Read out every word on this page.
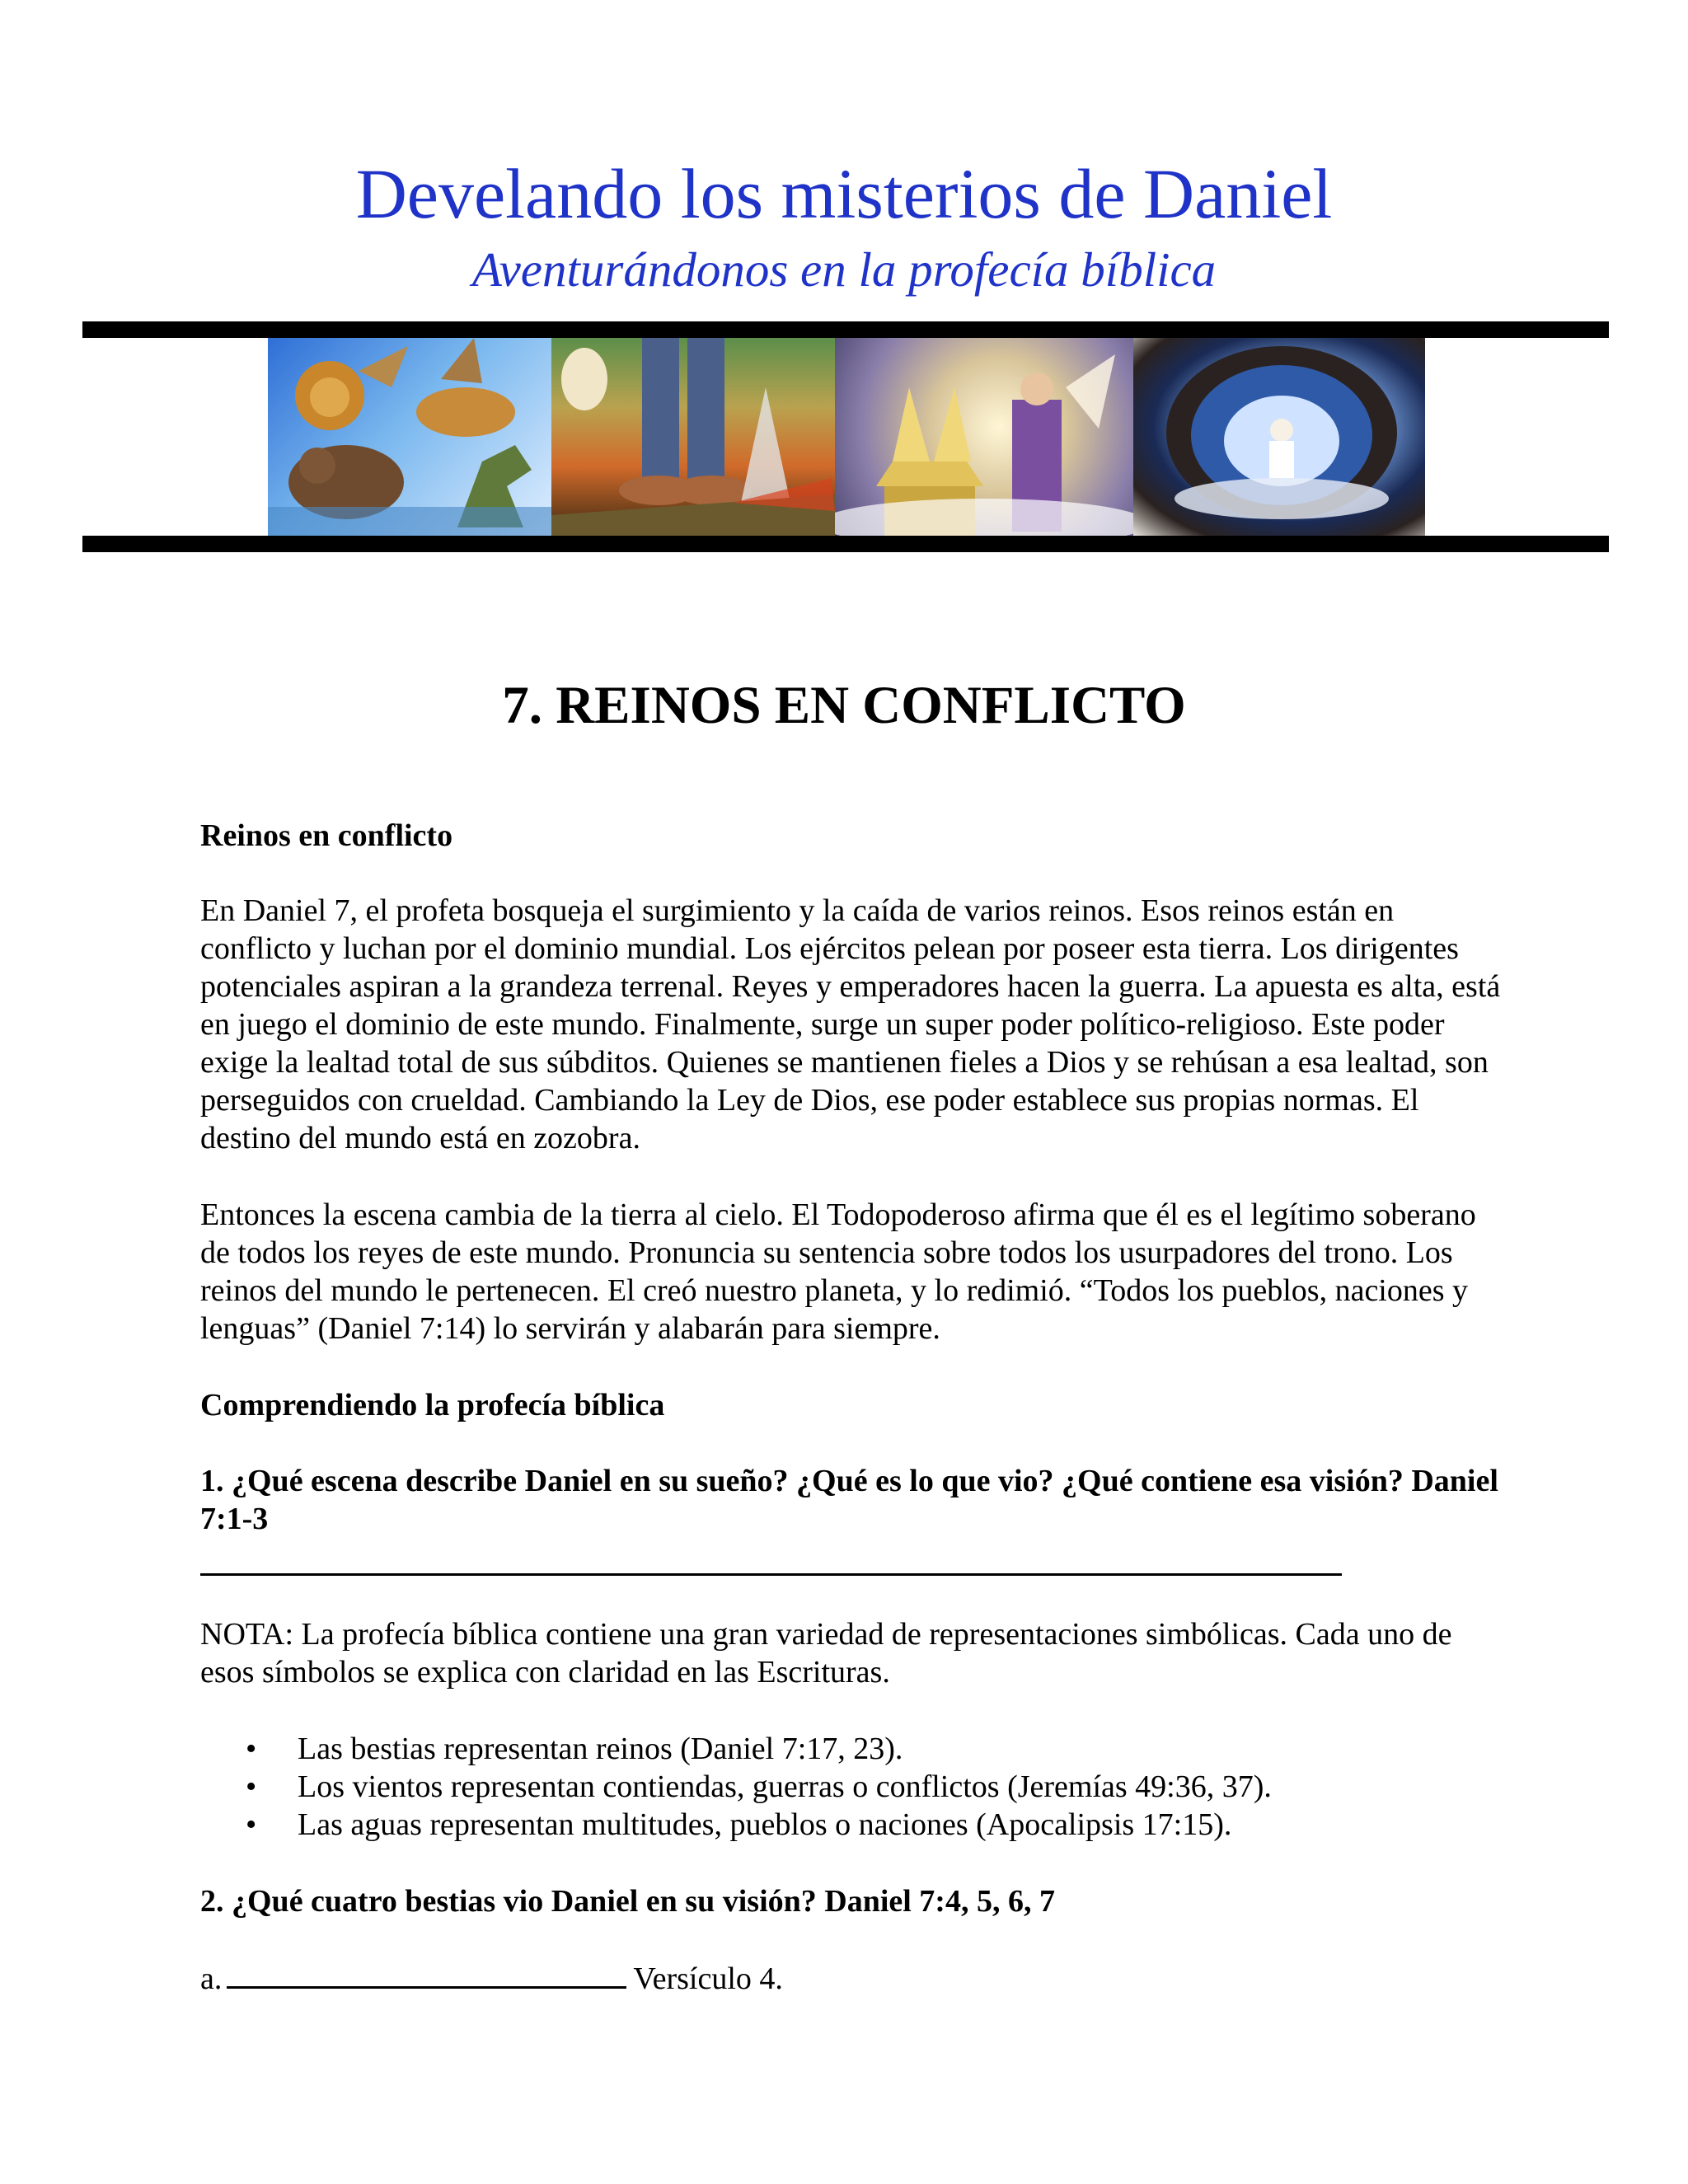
Develando los misterios de Daniel
Aventurándonos en la profecía bíblica
7. REINOS EN CONFLICTO

Reinos en conflicto

En Daniel 7, el profeta bosqueja el surgimiento y la caída de varios reinos. Esos reinos están en conflicto y luchan por el dominio mundial. Los ejércitos pelean por poseer esta tierra. Los dirigentes potenciales aspiran a la grandeza terrenal. Reyes y emperadores hacen la guerra. La apuesta es alta, está en juego el dominio de este mundo. Finalmente, surge un super poder político-religioso. Este poder exige la lealtad total de sus súbditos. Quienes se mantienen fieles a Dios y se rehúsan a esa lealtad, son perseguidos con crueldad. Cambiando la Ley de Dios, ese poder establece sus propias normas. El destino del mundo está en zozobra.

Entonces la escena cambia de la tierra al cielo. El Todopoderoso afirma que él es el legítimo soberano de todos los reyes de este mundo. Pronuncia su sentencia sobre todos los usurpadores del trono. Los reinos del mundo le pertenecen. El creó nuestro planeta, y lo redimió. “Todos los pueblos, naciones y lenguas” (Daniel 7:14) lo servirán y alabarán para siempre.

Comprendiendo la profecía bíblica

1. ¿Qué escena describe Daniel en su sueño? ¿Qué es lo que vio? ¿Qué contiene esa visión? Daniel 7:1-3

NOTA: La profecía bíblica contiene una gran variedad de representaciones simbólicas. Cada uno de esos símbolos se explica con claridad en las Escrituras.

• Las bestias representan reinos (Daniel 7:17, 23).
• Los vientos representan contiendas, guerras o conflictos (Jeremías 49:36, 37).
• Las aguas representan multitudes, pueblos o naciones (Apocalipsis 17:15).

2. ¿Qué cuatro bestias vio Daniel en su visión? Daniel 7:4, 5, 6, 7

a.	Versículo 4.
